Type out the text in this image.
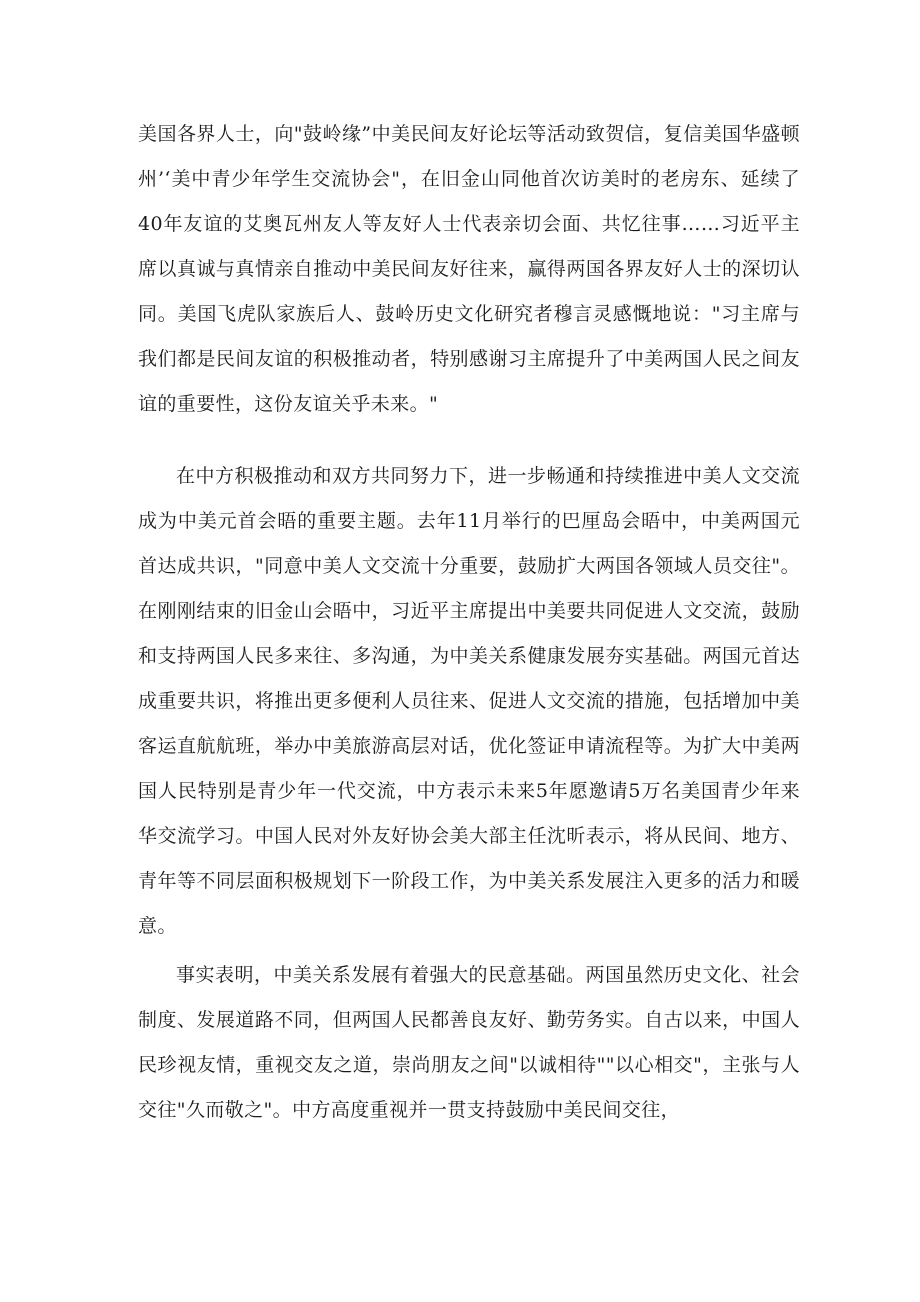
美国各界人士，向"鼓岭缘”中美民间友好论坛等活动致贺信，复信美国华盛顿州’‘美中青少年学生交流协会"，在旧金山同他首次访美时的老房东、延续了40年友谊的艾奥瓦州友人等友好人士代表亲切会面、共忆往事……习近平主席以真诚与真情亲自推动中美民间友好往来，赢得两国各界友好人士的深切认同。美国飞虎队家族后人、鼓岭历史文化研究者穆言灵感慨地说："习主席与我们都是民间友谊的积极推动者，特别感谢习主席提升了中美两国人民之间友谊的重要性，这份友谊关乎未来。"

在中方积极推动和双方共同努力下，进一步畅通和持续推进中美人文交流成为中美元首会晤的重要主题。去年11月举行的巴厘岛会晤中，中美两国元首达成共识，"同意中美人文交流十分重要，鼓励扩大两国各领域人员交往"。在刚刚结束的旧金山会晤中，习近平主席提出中美要共同促进人文交流，鼓励和支持两国人民多来往、多沟通，为中美关系健康发展夯实基础。两国元首达成重要共识，将推出更多便利人员往来、促进人文交流的措施，包括增加中美客运直航航班，举办中美旅游高层对话，优化签证申请流程等。为扩大中美两国人民特别是青少年一代交流，中方表示未来5年愿邀请5万名美国青少年来华交流学习。中国人民对外友好协会美大部主任沈昕表示，将从民间、地方、青年等不同层面积极规划下一阶段工作，为中美关系发展注入更多的活力和暖意。

事实表明，中美关系发展有着强大的民意基础。两国虽然历史文化、社会制度、发展道路不同，但两国人民都善良友好、勤劳务实。自古以来，中国人民珍视友情，重视交友之道，崇尚朋友之间"以诚相待""以心相交"，主张与人交往"久而敬之"。中方高度重视并一贯支持鼓励中美民间交往，
